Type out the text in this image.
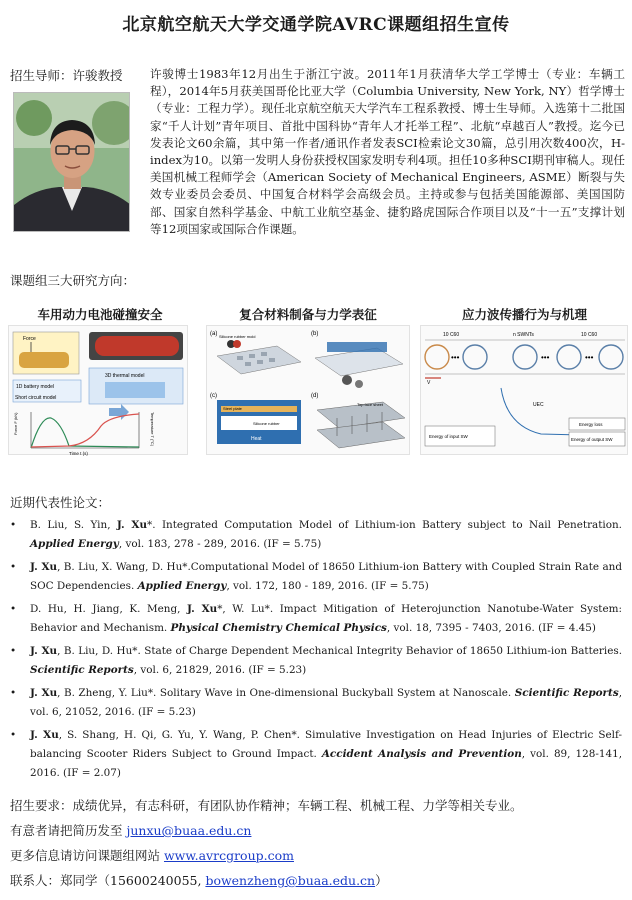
北京航空航天大学交通学院AVRC课题组招生宣传
招生导师：许骏教授 许骏博士1983年12月出生于浙江宁波。2011年1月获清华大学工学博士（专业：车辆工程），2014年5月获美国哥伦比亚大学（Columbia University, New York, NY）哲学博士（专业：工程力学）。现任北京航空航天大学汽车工程系教授、博士生导师。入选第十二批国家“千人计划”青年项目、首批中国科协“青年人才托举工程”、北航“卓越百人”教授。迄今已发表论文60余篇，其中第一作者/通讯作者发表SCI检索论文30篇，总引用次数400次，H-index为10。以第一发明人身份获授权国家发明专利4项。担任10多种SCI期刊审稿人。现任美国机械工程师学会（American Society of Mechanical Engineers, ASME）断裂与失效专业委员会委员、中国复合材料学会高级会员。主持或参与包括美国能源部、美国国防部、国家自然科学基金、中航工业航空基金、捷豹路虎国际合作项目以及“十一五”支撑计划等12项国家或国际合作课题。
课题组三大研究方向：
车用动力电池碰撞安全	复合材料制备与力学表征	应力波传播行为与机理
Force
1D battery model
3D thermal model
Short circuit model
Force F (kN)
Time t (s)
Temperature T (°C)
(a)	(b)
(c)	(d)
Silicone rubber mold
Steel plate
Silicone rubber
Heat
Top face sheet
10 C60	n SWNTs	10 C60
•••	•••	•••
V
UEC
Energy of input SW
Energy loss
Energy of output SW
近期代表性论文：
• B. Liu, S. Yin, J. Xu*. Integrated Computation Model of Lithium-ion Battery subject to Nail Penetration. Applied Energy, vol. 183, 278 - 289, 2016. (IF = 5.75)
• J. Xu, B. Liu, X. Wang, D. Hu*.Computational Model of 18650 Lithium-ion Battery with Coupled Strain Rate and SOC Dependencies. Applied Energy, vol. 172, 180 - 189, 2016. (IF = 5.75)
• D. Hu, H. Jiang, K. Meng, J. Xu*, W. Lu*. Impact Mitigation of Heterojunction Nanotube-Water System: Behavior and Mechanism. Physical Chemistry Chemical Physics, vol. 18, 7395 - 7403, 2016. (IF = 4.45)
• J. Xu, B. Liu, D. Hu*. State of Charge Dependent Mechanical Integrity Behavior of 18650 Lithium-ion Batteries. Scientific Reports, vol. 6, 21829, 2016. (IF = 5.23)
• J. Xu, B. Zheng, Y. Liu*. Solitary Wave in One-dimensional Buckyball System at Nanoscale. Scientific Reports, vol. 6, 21052, 2016. (IF = 5.23)
• J. Xu, S. Shang, H. Qi, G. Yu, Y. Wang, P. Chen*. Simulative Investigation on Head Injuries of Electric Self-balancing Scooter Riders Subject to Ground Impact. Accident Analysis and Prevention, vol. 89, 128-141, 2016. (IF = 2.07)
招生要求：成绩优异，有志科研，有团队协作精神；车辆工程、机械工程、力学等相关专业。
有意者请把简历发至 junxu@buaa.edu.cn
更多信息请访问课题组网站 www.avrcgroup.com
联系人：郑同学（15600240055, bowenzheng@buaa.edu.cn）
